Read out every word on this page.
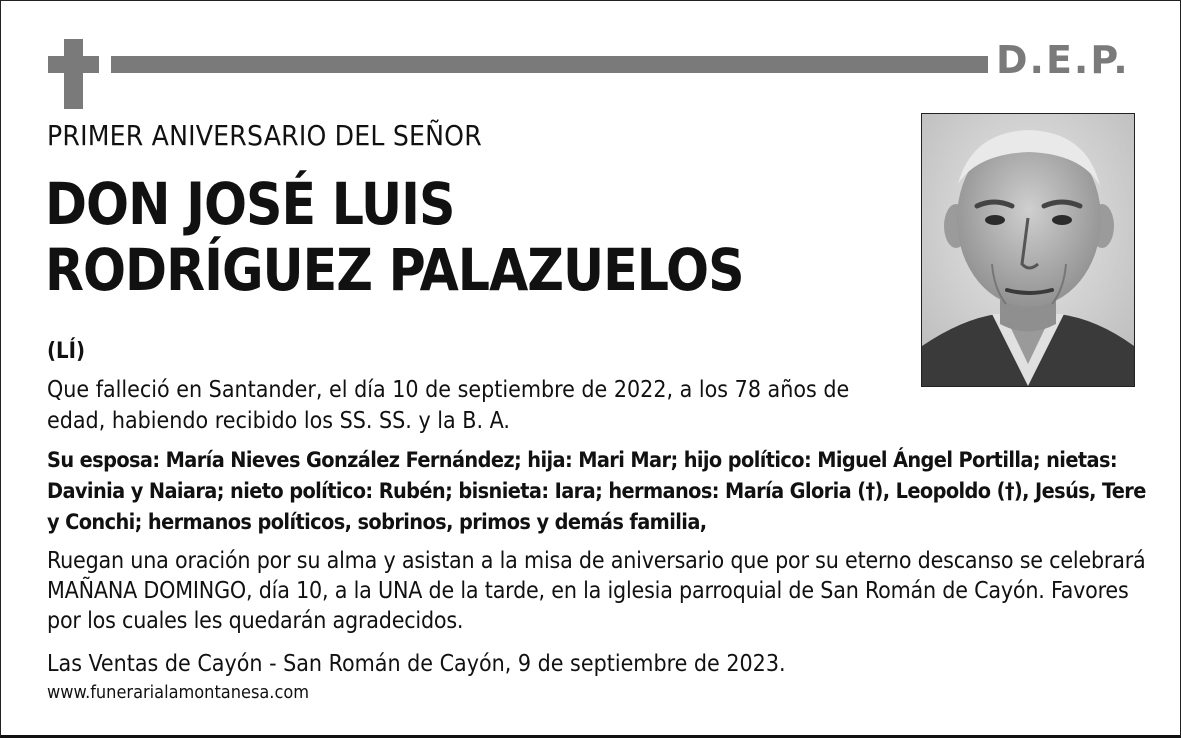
D.E.P.
PRIMER ANIVERSARIO DEL SEÑOR
DON JOSÉ LUIS
RODRÍGUEZ PALAZUELOS
(LÍ)
Que falleció en Santander, el día 10 de septiembre de 2022, a los 78 años de edad, habiendo recibido los SS. SS. y la B. A.
Su esposa: María Nieves González Fernández; hija: Mari Mar; hijo político: Miguel Ángel Portilla; nietas: Davinia y Naiara; nieto político: Rubén; bisnieta: Iara; hermanos: María Gloria (†), Leopoldo (†), Jesús, Tere y Conchi; hermanos políticos, sobrinos, primos y demás familia,
Ruegan una oración por su alma y asistan a la misa de aniversario que por su eterno descanso se celebrará MAÑANA DOMINGO, día 10, a la UNA de la tarde, en la iglesia parroquial de San Román de Cayón. Favores por los cuales les quedarán agradecidos.
Las Ventas de Cayón - San Román de Cayón, 9 de septiembre de 2023.
www.funerarialamontanesa.com
